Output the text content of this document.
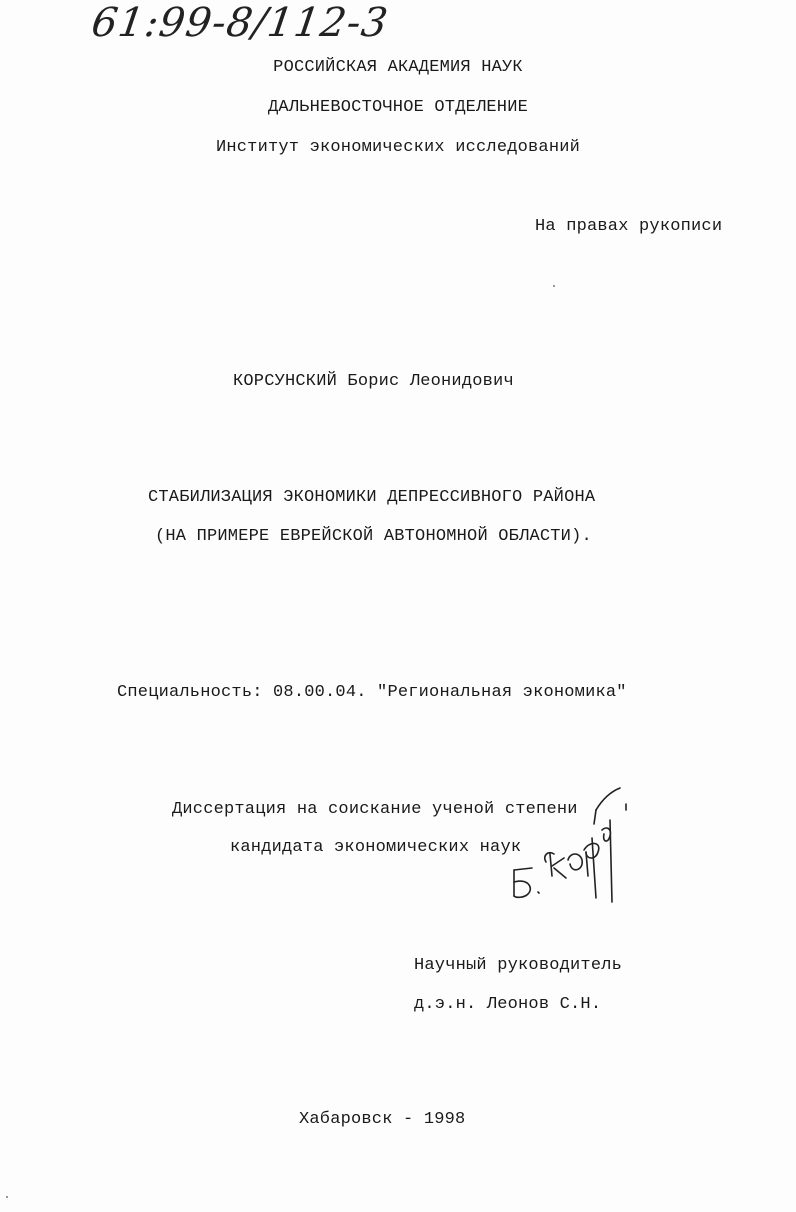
61:99-8/112-3
РОССИЙСКАЯ АКАДЕМИЯ НАУК
ДАЛЬНЕВОСТОЧНОЕ ОТДЕЛЕНИЕ
Институт экономических исследований
На правах рукописи
КОРСУНСКИЙ Борис Леонидович
СТАБИЛИЗАЦИЯ ЭКОНОМИКИ ДЕПРЕССИВНОГО РАЙОНА
(НА ПРИМЕРЕ ЕВРЕЙСКОЙ АВТОНОМНОЙ ОБЛАСТИ).
Специальность: 08.00.04. "Региональная экономика"
Диссертация на соискание ученой степени
кандидата экономических наук
Научный руководитель
д.э.н. Леонов С.Н.
Хабаровск - 1998
